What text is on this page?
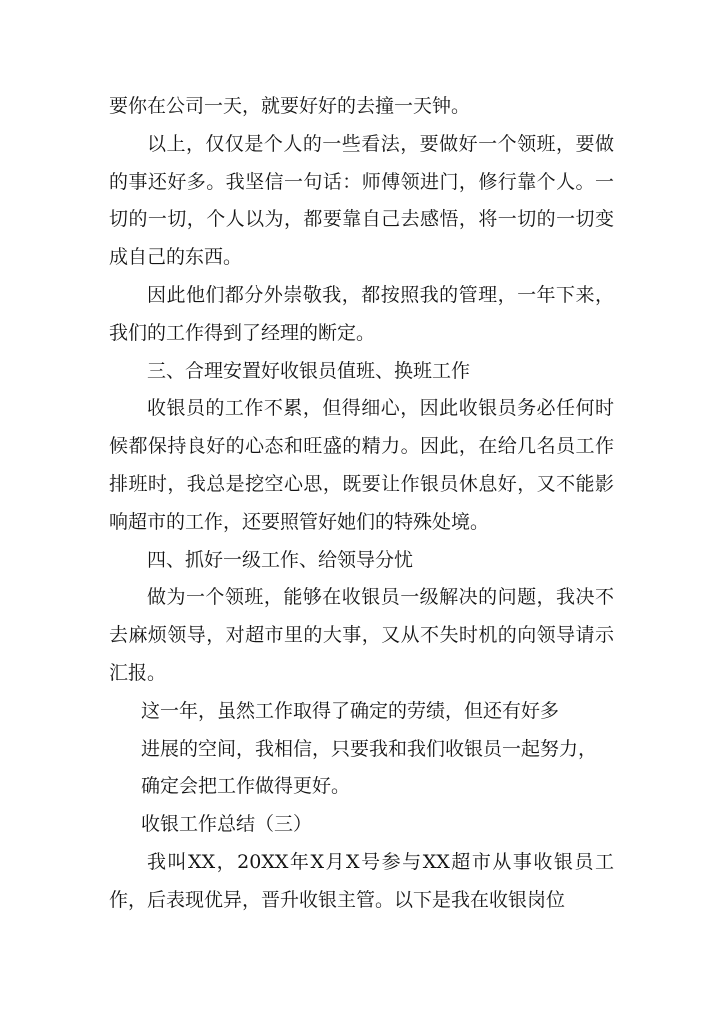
要你在公司一天，就要好好的去撞一天钟。

以上，仅仅是个人的一些看法，要做好一个领班，要做的事还好多。我坚信一句话：师傅领进门，修行靠个人。一切的一切，个人以为，都要靠自己去感悟，将一切的一切变成自己的东西。

因此他们都分外崇敬我，都按照我的管理，一年下来，我们的工作得到了经理的断定。

三、合理安置好收银员值班、换班工作

收银员的工作不累，但得细心，因此收银员务必任何时候都保持良好的心态和旺盛的精力。因此，在给几名员工作排班时，我总是挖空心思，既要让作银员休息好，又不能影响超市的工作，还要照管好她们的特殊处境。

四、抓好一级工作、给领导分忧

做为一个领班，能够在收银员一级解决的问题，我决不去麻烦领导，对超市里的大事，又从不失时机的向领导请示汇报。

这一年，虽然工作取得了确定的劳绩，但还有好多
进展的空间，我相信，只要我和我们收银员一起努力，
确定会把工作做得更好。
收银工作总结（三）

我叫XX，20XX年X月X号参与XX超市从事收银员工作，后表现优异，晋升收银主管。以下是我在收银岗位
